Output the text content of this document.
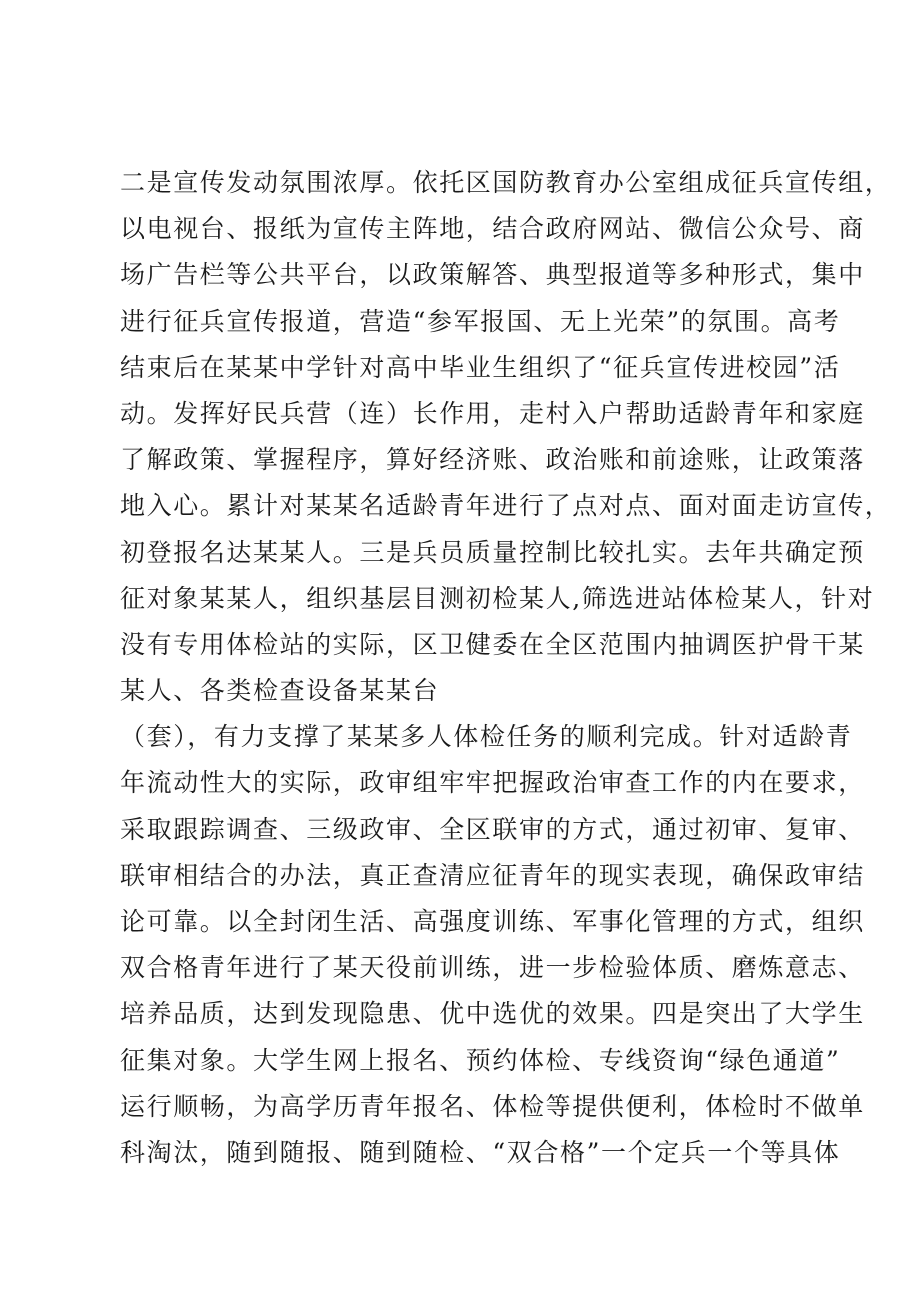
二是宣传发动氛围浓厚。依托区国防教育办公室组成征兵宣传组，
以电视台、报纸为宣传主阵地，结合政府网站、微信公众号、商
场广告栏等公共平台，以政策解答、典型报道等多种形式，集中
进行征兵宣传报道，营造“参军报国、无上光荣”的氛围。高考
结束后在某某中学针对高中毕业生组织了“征兵宣传进校园”活
动。发挥好民兵营（连）长作用，走村入户帮助适龄青年和家庭
了解政策、掌握程序，算好经济账、政治账和前途账，让政策落
地入心。累计对某某名适龄青年进行了点对点、面对面走访宣传，
初登报名达某某人。三是兵员质量控制比较扎实。去年共确定预
征对象某某人，组织基层目测初检某人,筛选进站体检某人，针对
没有专用体检站的实际，区卫健委在全区范围内抽调医护骨干某
某人、各类检查设备某某台
（套），有力支撑了某某多人体检任务的顺利完成。针对适龄青
年流动性大的实际，政审组牢牢把握政治审查工作的内在要求，
采取跟踪调查、三级政审、全区联审的方式，通过初审、复审、
联审相结合的办法，真正查清应征青年的现实表现，确保政审结
论可靠。以全封闭生活、高强度训练、军事化管理的方式，组织
双合格青年进行了某天役前训练，进一步检验体质、磨炼意志、
培养品质，达到发现隐患、优中选优的效果。四是突出了大学生
征集对象。大学生网上报名、预约体检、专线资询“绿色通道”
运行顺畅，为高学历青年报名、体检等提供便利，体检时不做单
科淘汰，随到随报、随到随检、“双合格”一个定兵一个等具体
